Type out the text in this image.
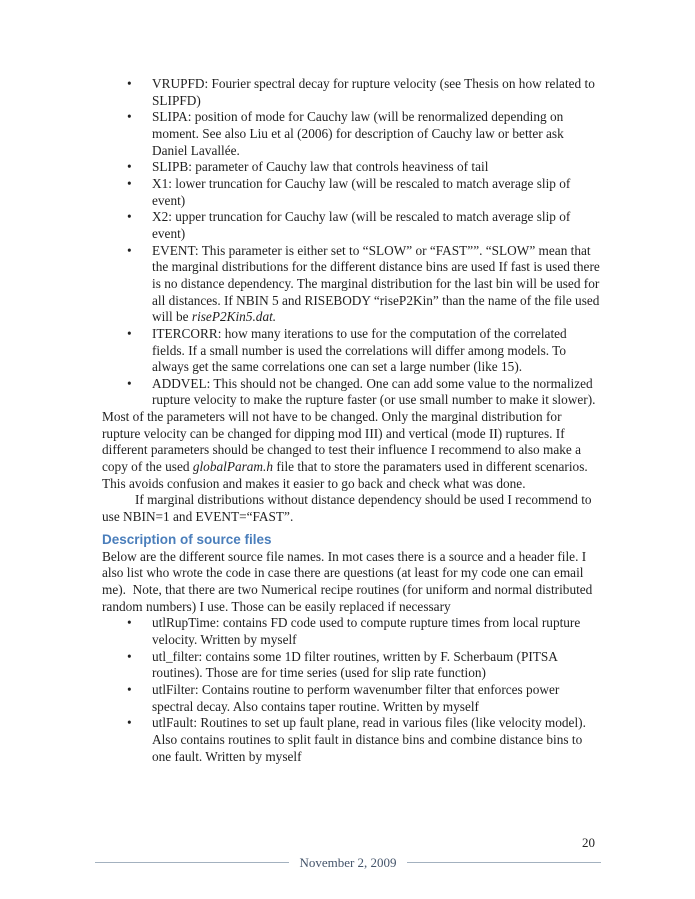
•
VRUPFD: Fourier spectral decay for rupture velocity (see Thesis on how related to SLIPFD)
•
SLIPA: position of mode for Cauchy law (will be renormalized depending on moment. See also Liu et al (2006) for description of Cauchy law or better ask Daniel Lavallée.
•
SLIPB: parameter of Cauchy law that controls heaviness of tail
•
X1: lower truncation for Cauchy law (will be rescaled to match average slip of event)
•
X2: upper truncation for Cauchy law (will be rescaled to match average slip of event)
•
EVENT: This parameter is either set to “SLOW” or “FAST””. “SLOW” mean that the marginal distributions for the different distance bins are used If fast is used there is no distance dependency. The marginal distribution for the last bin will be used for all distances. If NBIN 5 and RISEBODY “riseP2Kin” than the name of the file used will be riseP2Kin5.dat.
•
ITERCORR: how many iterations to use for the computation of the correlated fields. If a small number is used the correlations will differ among models. To always get the same correlations one can set a large number (like 15).
•
ADDVEL: This should not be changed. One can add some value to the normalized rupture velocity to make the rupture faster (or use small number to make it slower).

Most of the parameters will not have to be changed. Only the marginal distribution for rupture velocity can be changed for dipping mod III) and vertical (mode II) ruptures. If different parameters should be changed to test their influence I recommend to also make a copy of the used globalParam.h file that to store the paramaters used in different scenarios. This avoids confusion and makes it easier to go back and check what was done.

If marginal distributions without distance dependency should be used I recommend to use NBIN=1 and EVENT=“FAST”.

Description of source files

Below are the different source file names. In mot cases there is a source and a header file. I also list who wrote the code in case there are questions (at least for my code one can email me).  Note, that there are two Numerical recipe routines (for uniform and normal distributed random numbers) I use. Those can be easily replaced if necessary

•
utlRupTime: contains FD code used to compute rupture times from local rupture velocity. Written by myself
•
utl_filter: contains some 1D filter routines, written by F. Scherbaum (PITSA routines). Those are for time series (used for slip rate function)
•
utlFilter: Contains routine to perform wavenumber filter that enforces power spectral decay. Also contains taper routine. Written by myself
•
utlFault: Routines to set up fault plane, read in various files (like velocity model). Also contains routines to split fault in distance bins and combine distance bins to one fault. Written by myself
20
November 2, 2009
